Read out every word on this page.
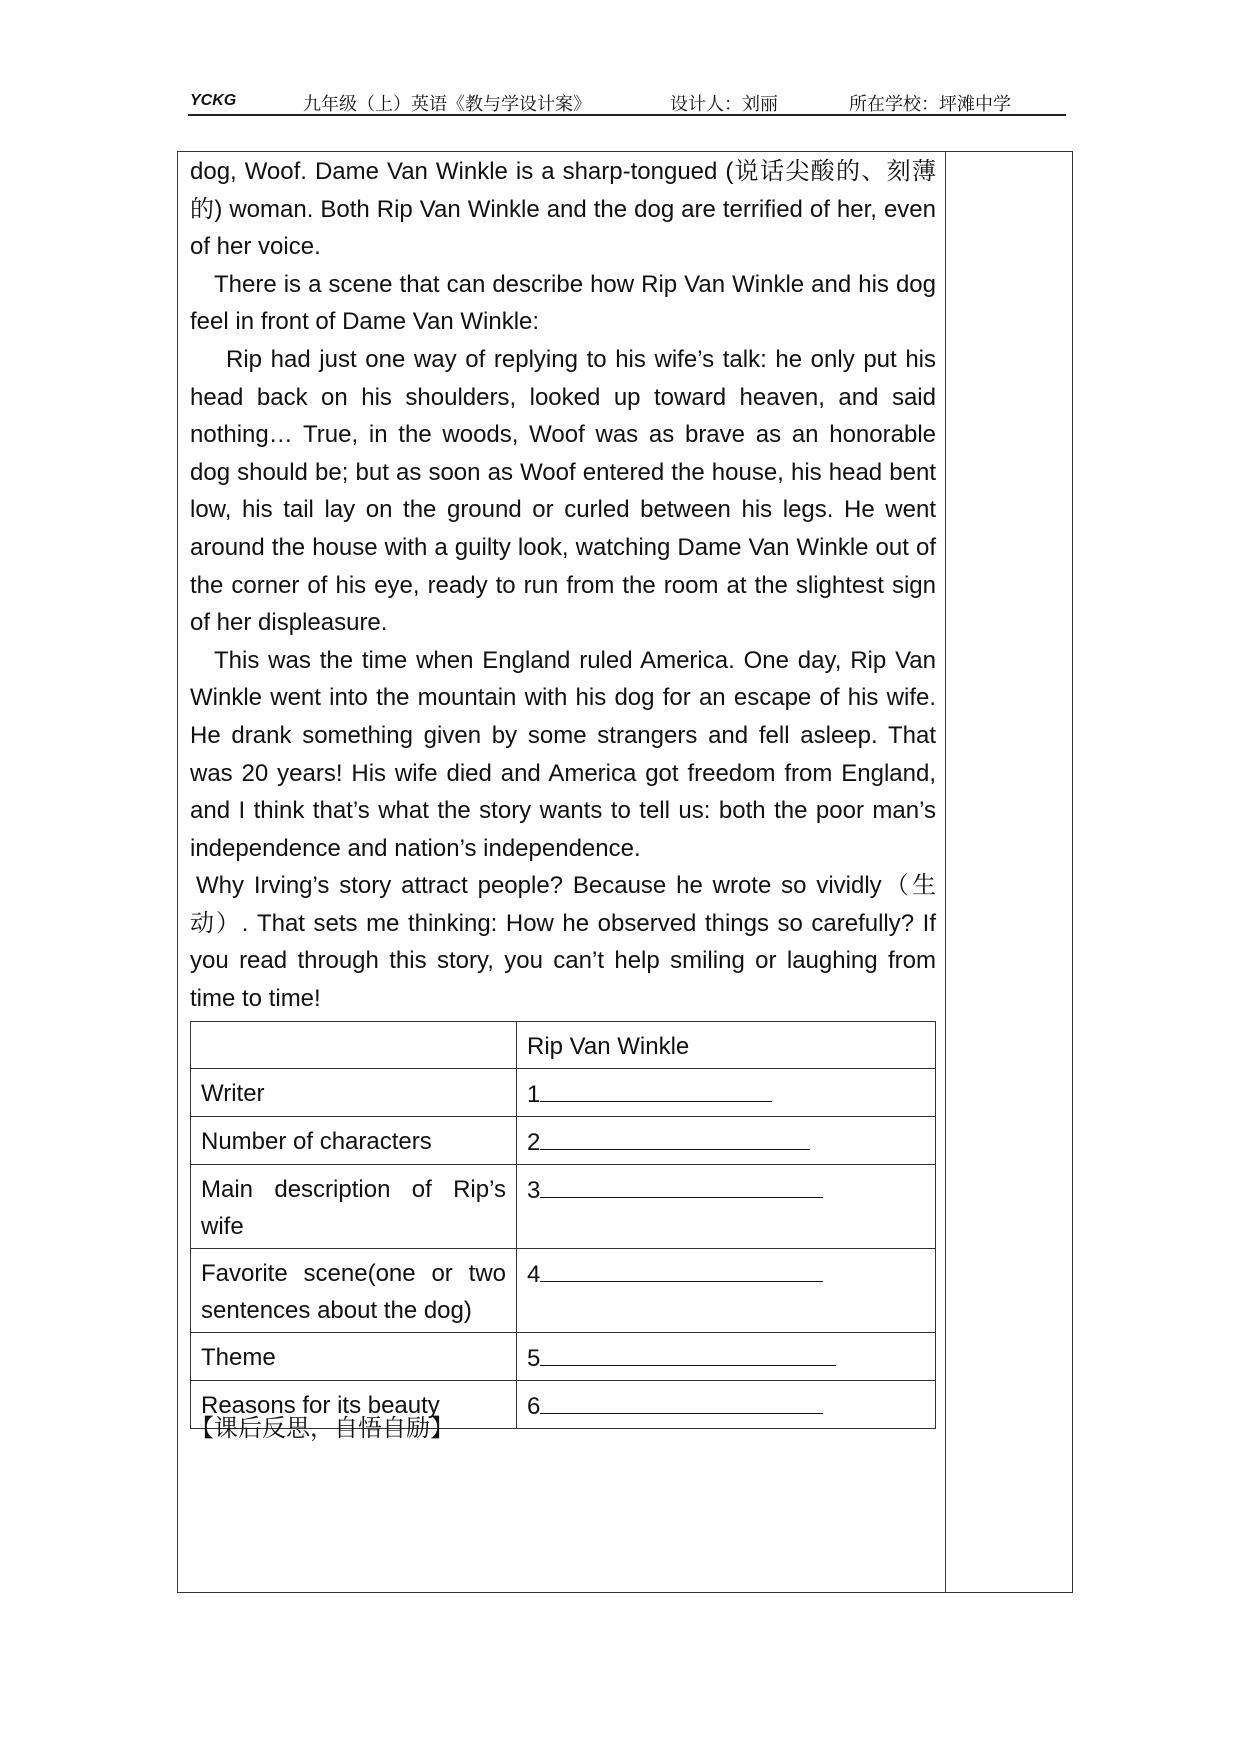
YCKG	九年级（上）英语《教与学设计案》	设计人：刘丽	所在学校：坪滩中学

dog, Woof. Dame Van Winkle is a sharp-tongued (说话尖酸的、刻薄的) woman. Both Rip Van Winkle and the dog are terrified of her, even of her voice.

There is a scene that can describe how Rip Van Winkle and his dog feel in front of Dame Van Winkle:

Rip had just one way of replying to his wife’s talk: he only put his head back on his shoulders, looked up toward heaven, and said nothing… True, in the woods, Woof was as brave as an honorable dog should be; but as soon as Woof entered the house, his head bent low, his tail lay on the ground or curled between his legs. He went around the house with a guilty look, watching Dame Van Winkle out of the corner of his eye, ready to run from the room at the slightest sign of her displeasure.

This was the time when England ruled America. One day, Rip Van Winkle went into the mountain with his dog for an escape of his wife. He drank something given by some strangers and fell asleep. That was 20 years! His wife died and America got freedom from England, and I think that’s what the story wants to tell us: both the poor man’s independence and nation’s independence.

Why Irving’s story attract people? Because he wrote so vividly（生动）. That sets me thinking: How he observed things so carefully? If you read through this story, you can’t help smiling or laughing from time to time!

	Rip Van Winkle
Writer	1
Number of characters	2
Main description of Rip’s wife	3
Favorite scene(one or two sentences about the dog)	4
Theme	5
Reasons for its beauty	6
【课后反思，自悟自励】
